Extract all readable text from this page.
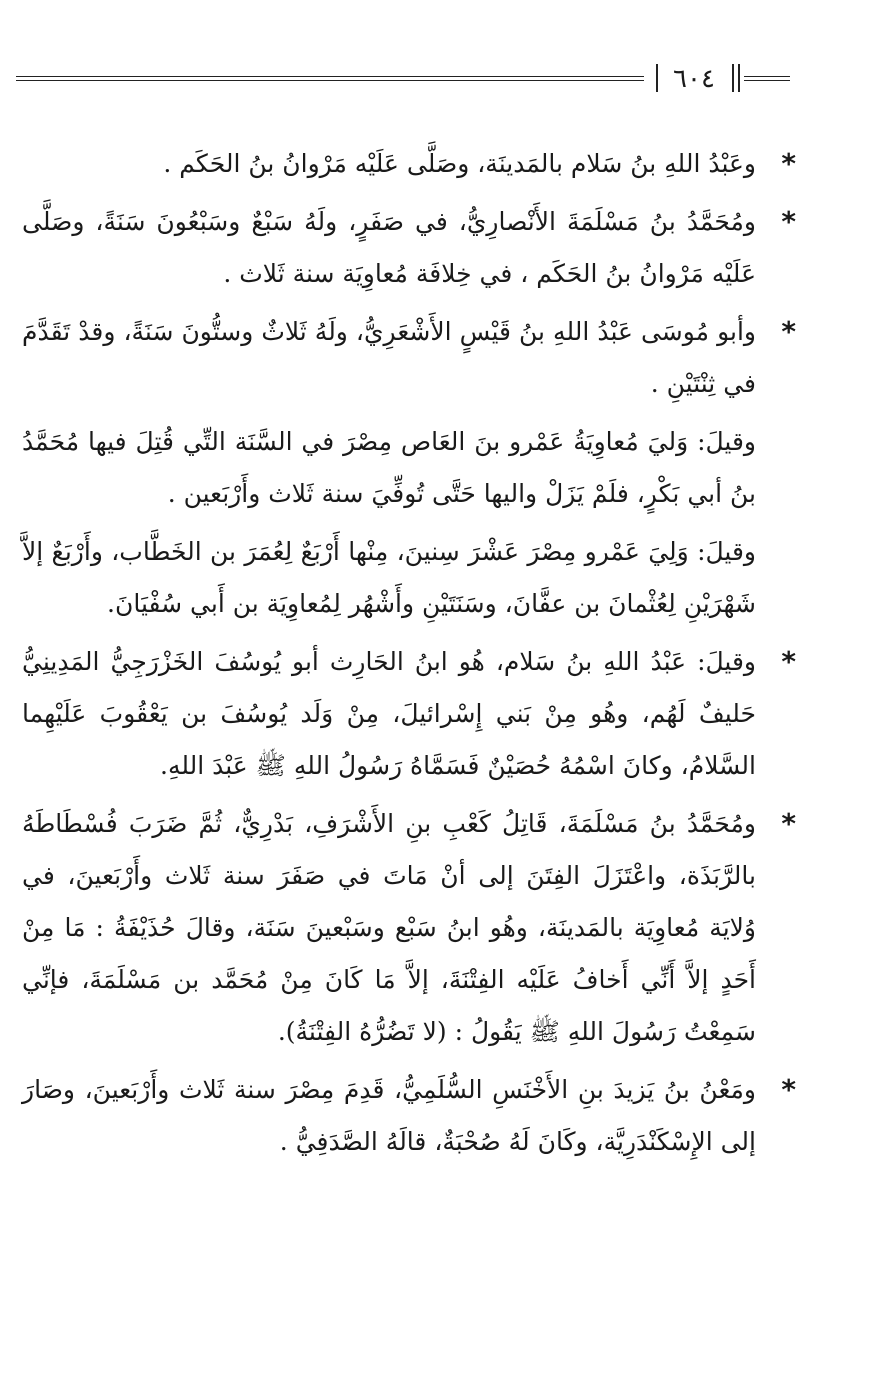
٦٠٤
*
وعَبْدُ اللهِ بنُ سَلام بالمَدينَة، وصَلَّى عَلَيْه مَرْوانُ بنُ الحَكَم .
*
ومُحَمَّدُ بنُ مَسْلَمَةَ الأَنْصارِيُّ، في صَفَرٍ، ولَهُ سَبْعٌ وسَبْعُونَ سَنَةً، وصَلَّى عَلَيْه مَرْوانُ بنُ الحَكَم ، في خِلافَة مُعاوِيَة سنة ثَلاث .
*
وأبو مُوسَى عَبْدُ اللهِ بنُ قَيْسٍ الأَشْعَرِيُّ، ولَهُ ثَلاثٌ وستُّونَ سَنَةً، وقدْ تَقَدَّمَ في ثِنْتَيْنِ .
وقيلَ: وَليَ مُعاوِيَةُ عَمْرو بنَ العَاص مِصْرَ في السَّنَة التِّي قُتِلَ فيها مُحَمَّدُ بنُ أبي بَكْرٍ، فلَمْ يَزَلْ واليها حَتَّى تُوفِّيَ سنة ثَلاث وأَرْبَعين .
وقيلَ: وَلِيَ عَمْرو مِصْرَ عَشْرَ سِنينَ، مِنْها أَرْبَعٌ لِعُمَرَ بن الخَطَّاب، وأَرْبَعٌ إلاَّ شَهْرَيْنِ لِعُثْمانَ بن عفَّانَ، وسَنَتَيْنِ وأَشْهُر لِمُعاوِيَة بن أَبي سُفْيَانَ.
*
وقيلَ: عَبْدُ اللهِ بنُ سَلام، هُو ابنُ الحَارِث أبو يُوسُفَ الخَزْرَجِيُّ المَدِينِيُّ حَليفٌ لَهُم، وهُو مِنْ بَني إِسْرائيلَ، مِنْ وَلَد يُوسُفَ بن يَعْقُوبَ عَلَيْهِما السَّلامُ، وكانَ اسْمُهُ حُصَيْنٌ فَسَمَّاهُ رَسُولُ اللهِ ﷺ عَبْدَ اللهِ.
*
ومُحَمَّدُ بنُ مَسْلَمَةَ، قَاتِلُ كَعْبِ بنِ الأَشْرَفِ، بَدْرِيٌّ، ثُمَّ ضَرَبَ فُسْطَاطَهُ بالرَّبَذَة، واعْتَزَلَ الفِتَنَ إلى أنْ مَاتَ في صَفَرَ سنة ثَلاث وأَرْبَعينَ، في وُلايَة مُعاوِيَة بالمَدينَة، وهُو ابنُ سَبْع وسَبْعينَ سَنَة، وقالَ حُذَيْفَةُ : مَا مِنْ أَحَدٍ إلاَّ أَنِّي أَخافُ عَلَيْه الفِتْنَةَ، إلاَّ مَا كَانَ مِنْ مُحَمَّد بن مَسْلَمَةَ، فإنِّي سَمِعْتُ رَسُولَ اللهِ ﷺ يَقُولُ : (لا تَضُرُّهُ الفِتْنَةُ).
*
ومَعْنُ بنُ يَزيدَ بنِ الأَخْنَسِ السُّلَمِيُّ، قَدِمَ مِصْرَ سنة ثَلاث وأَرْبَعينَ، وصَارَ إلى الإِسْكَنْدَرِيَّة، وكَانَ لَهُ صُحْبَةٌ، قالَهُ الصَّدَفِيُّ .
